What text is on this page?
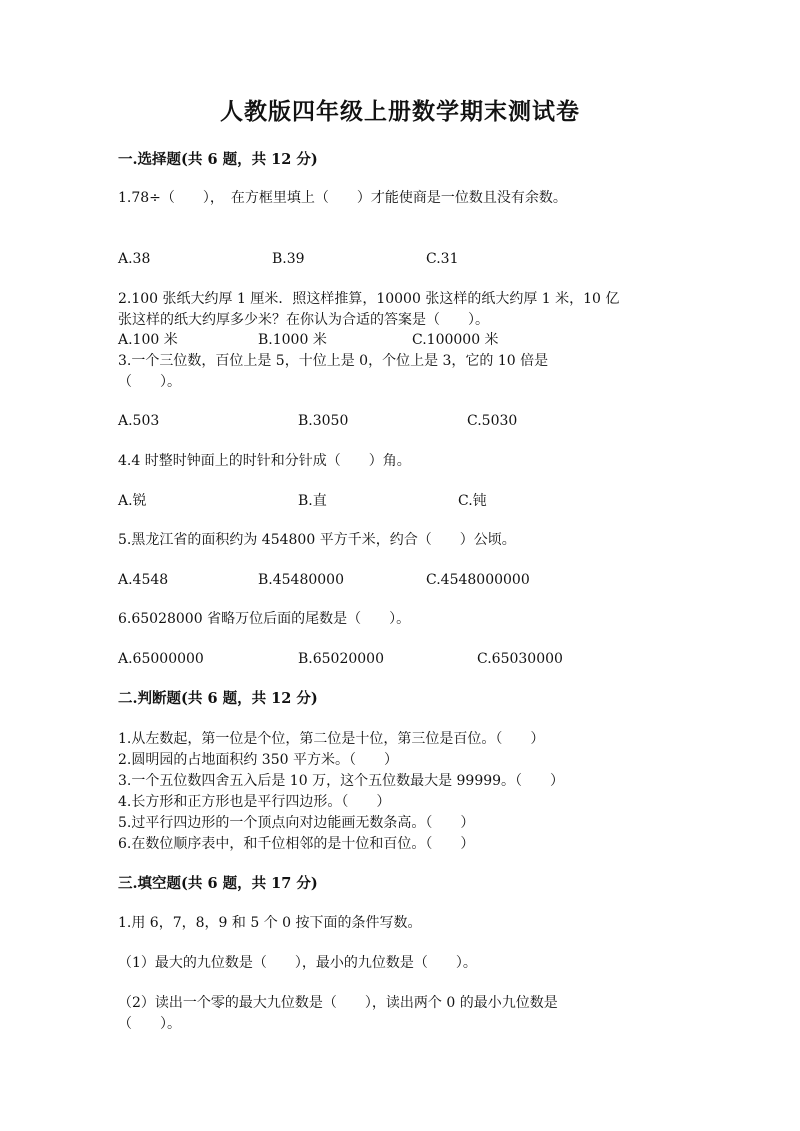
人教版四年级上册数学期末测试卷
一.选择题(共 6 题，共 12 分)
1.78÷（　　），　在方框里填上（　　）才能使商是一位数且没有余数。
A.38	B.39	C.31
2.100 张纸大约厚 1 厘米．照这样推算，10000 张这样的纸大约厚 1 米，10 亿
张这样的纸大约厚多少米？在你认为合适的答案是（　　）。
A.100 米	B.1000 米	C.100000 米
3.一个三位数，百位上是 5，十位上是 0，个位上是 3，它的 10 倍是
（　　）。
A.503	B.3050	C.5030
4.4 时整时钟面上的时针和分针成（　　）角。
A.锐	B.直	C.钝
5.黑龙江省的面积约为 454800 平方千米，约合（　　）公顷。
A.4548	B.45480000	C.4548000000
6.65028000 省略万位后面的尾数是（　　）。
A.65000000	B.65020000	C.65030000
二.判断题(共 6 题，共 12 分)
1.从左数起，第一位是个位，第二位是十位，第三位是百位。（　　）
2.圆明园的占地面积约 350 平方米。（　　）
3.一个五位数四舍五入后是 10 万，这个五位数最大是 99999。（　　）
4.长方形和正方形也是平行四边形。（　　）
5.过平行四边形的一个顶点向对边能画无数条高。（　　）
6.在数位顺序表中，和千位相邻的是十位和百位。（　　）
三.填空题(共 6 题，共 17 分)
1.用 6，7，8，9 和 5 个 0 按下面的条件写数。
（1）最大的九位数是（　　），最小的九位数是（　　）。
（2）读出一个零的最大九位数是（　　），读出两个 0 的最小九位数是
（　　）。
